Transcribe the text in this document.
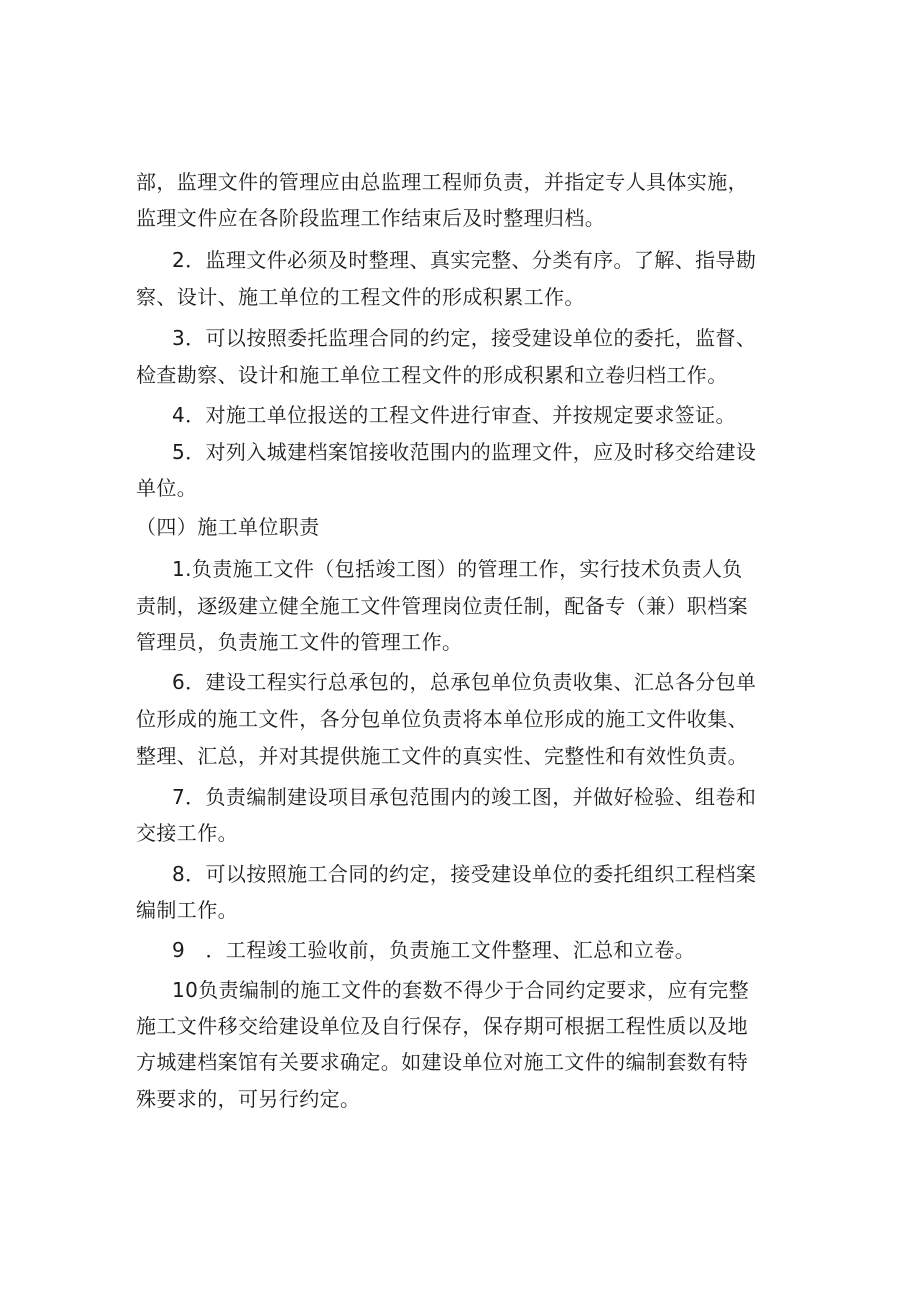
部，监理文件的管理应由总监理工程师负责，并指定专人具体实施，
监理文件应在各阶段监理工作结束后及时整理归档。
2．监理文件必须及时整理、真实完整、分类有序。了解、指导勘
察、设计、施工单位的工程文件的形成积累工作。
3．可以按照委托监理合同的约定，接受建设单位的委托，监督、
检查勘察、设计和施工单位工程文件的形成积累和立卷归档工作。
4．对施工单位报送的工程文件进行审查、并按规定要求签证。
5．对列入城建档案馆接收范围内的监理文件，应及时移交给建设
单位。
（四）施工单位职责
1.负责施工文件（包括竣工图）的管理工作，实行技术负责人负
责制，逐级建立健全施工文件管理岗位责任制，配备专（兼）职档案
管理员，负责施工文件的管理工作。
6．建设工程实行总承包的，总承包单位负责收集、汇总各分包单
位形成的施工文件，各分包单位负责将本单位形成的施工文件收集、
整理、汇总，并对其提供施工文件的真实性、完整性和有效性负责。
7．负责编制建设项目承包范围内的竣工图，并做好检验、组卷和
交接工作。
8．可以按照施工合同的约定，接受建设单位的委托组织工程档案
编制工作。
9　．工程竣工验收前，负责施工文件整理、汇总和立卷。
10负责编制的施工文件的套数不得少于合同约定要求，应有完整
施工文件移交给建设单位及自行保存，保存期可根据工程性质以及地
方城建档案馆有关要求确定。如建设单位对施工文件的编制套数有特
殊要求的，可另行约定。
